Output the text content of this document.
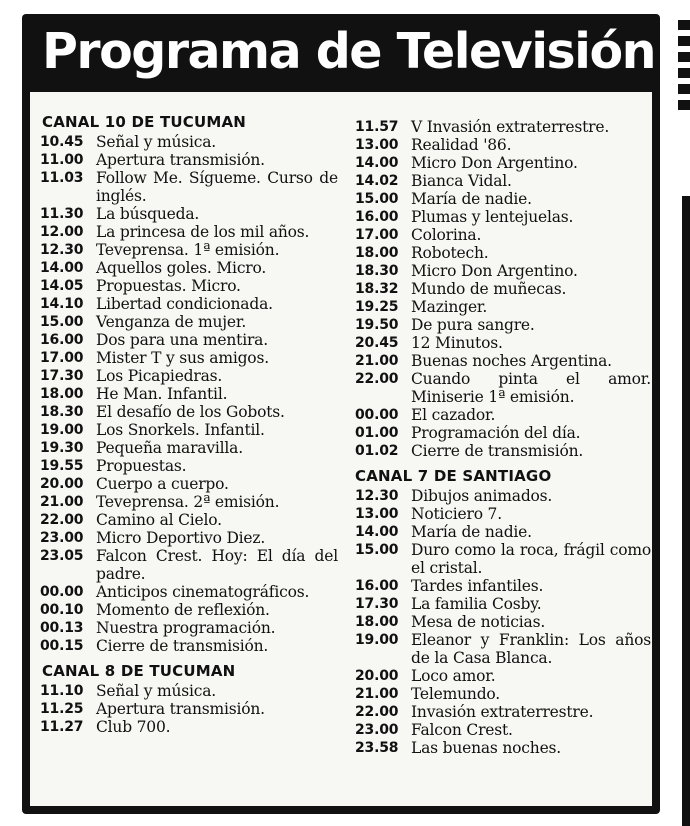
Programa de Televisión
CANAL 10 DE TUCUMAN
10.45 Señal y música.
11.00 Apertura transmisión.
11.03 Follow Me. Sígueme. Curso de inglés.
11.30 La búsqueda.
12.00 La princesa de los mil años.
12.30 Teveprensa. 1ª emisión.
14.00 Aquellos goles. Micro.
14.05 Propuestas. Micro.
14.10 Libertad condicionada.
15.00 Venganza de mujer.
16.00 Dos para una mentira.
17.00 Mister T y sus amigos.
17.30 Los Picapiedras.
18.00 He Man. Infantil.
18.30 El desafío de los Gobots.
19.00 Los Snorkels. Infantil.
19.30 Pequeña maravilla.
19.55 Propuestas.
20.00 Cuerpo a cuerpo.
21.00 Teveprensa. 2ª emisión.
22.00 Camino al Cielo.
23.00 Micro Deportivo Diez.
23.05 Falcon Crest. Hoy: El día del padre.
00.00 Anticipos cinematográficos.
00.10 Momento de reflexión.
00.13 Nuestra programación.
00.15 Cierre de transmisión.
CANAL 8 DE TUCUMAN
11.10 Señal y música.
11.25 Apertura transmisión.
11.27 Club 700.
11.57 V Invasión extraterrestre.
13.00 Realidad '86.
14.00 Micro Don Argentino.
14.02 Bianca Vidal.
15.00 María de nadie.
16.00 Plumas y lentejuelas.
17.00 Colorina.
18.00 Robotech.
18.30 Micro Don Argentino.
18.32 Mundo de muñecas.
19.25 Mazinger.
19.50 De pura sangre.
20.45 12 Minutos.
21.00 Buenas noches Argentina.
22.00 Cuando pinta el amor. Miniserie 1ª emisión.
00.00 El cazador.
01.00 Programación del día.
01.02 Cierre de transmisión.
CANAL 7 DE SANTIAGO
12.30 Dibujos animados.
13.00 Noticiero 7.
14.00 María de nadie.
15.00 Duro como la roca, frágil como el cristal.
16.00 Tardes infantiles.
17.30 La familia Cosby.
18.00 Mesa de noticias.
19.00 Eleanor y Franklin: Los años de la Casa Blanca.
20.00 Loco amor.
21.00 Telemundo.
22.00 Invasión extraterrestre.
23.00 Falcon Crest.
23.58 Las buenas noches.
